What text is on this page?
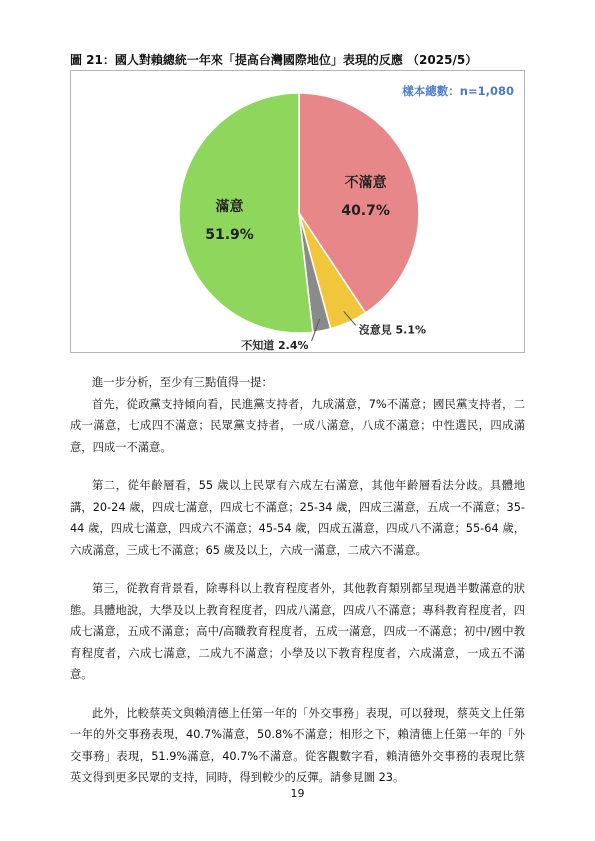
圖 21：國人對賴總統一年來「提高台灣國際地位」表現的反應 （2025/5）
不滿意
40.7%
滿意
51.9%
沒意見 5.1%
不知道 2.4%
樣本總數：n=1,080

進一步分析，至少有三點值得一提：

首先，從政黨支持傾向看，民進黨支持者，九成滿意，7%不滿意；國民黨支持者，二成一滿意，七成四不滿意；民眾黨支持者，一成八滿意，八成不滿意；中性選民，四成滿意，四成一不滿意。

第二，從年齡層看，55 歲以上民眾有六成左右滿意，其他年齡層看法分歧。具體地講，20-24 歲，四成七滿意，四成七不滿意；25-34 歲，四成三滿意，五成一不滿意；35-44 歲，四成七滿意，四成六不滿意；45-54 歲，四成五滿意，四成八不滿意；55-64 歲，六成滿意，三成七不滿意；65 歲及以上，六成一滿意，二成六不滿意。

第三，從教育背景看，除專科以上教育程度者外，其他教育類別都呈現過半數滿意的狀態。具體地說，大學及以上教育程度者，四成八滿意，四成八不滿意；專科教育程度者，四成七滿意，五成不滿意；高中/高職教育程度者，五成一滿意，四成一不滿意；初中/國中教育程度者，六成七滿意，二成九不滿意；小學及以下教育程度者，六成滿意，一成五不滿意。

此外，比較蔡英文與賴清德上任第一年的「外交事務」表現，可以發現，蔡英文上任第一年的外交事務表現，40.7%滿意，50.8%不滿意；相形之下，賴清德上任第一年的「外交事務」表現，51.9%滿意，40.7%不滿意。從客觀數字看，賴清德外交事務的表現比蔡英文得到更多民眾的支持，同時，得到較少的反彈。請參見圖 23。

19
